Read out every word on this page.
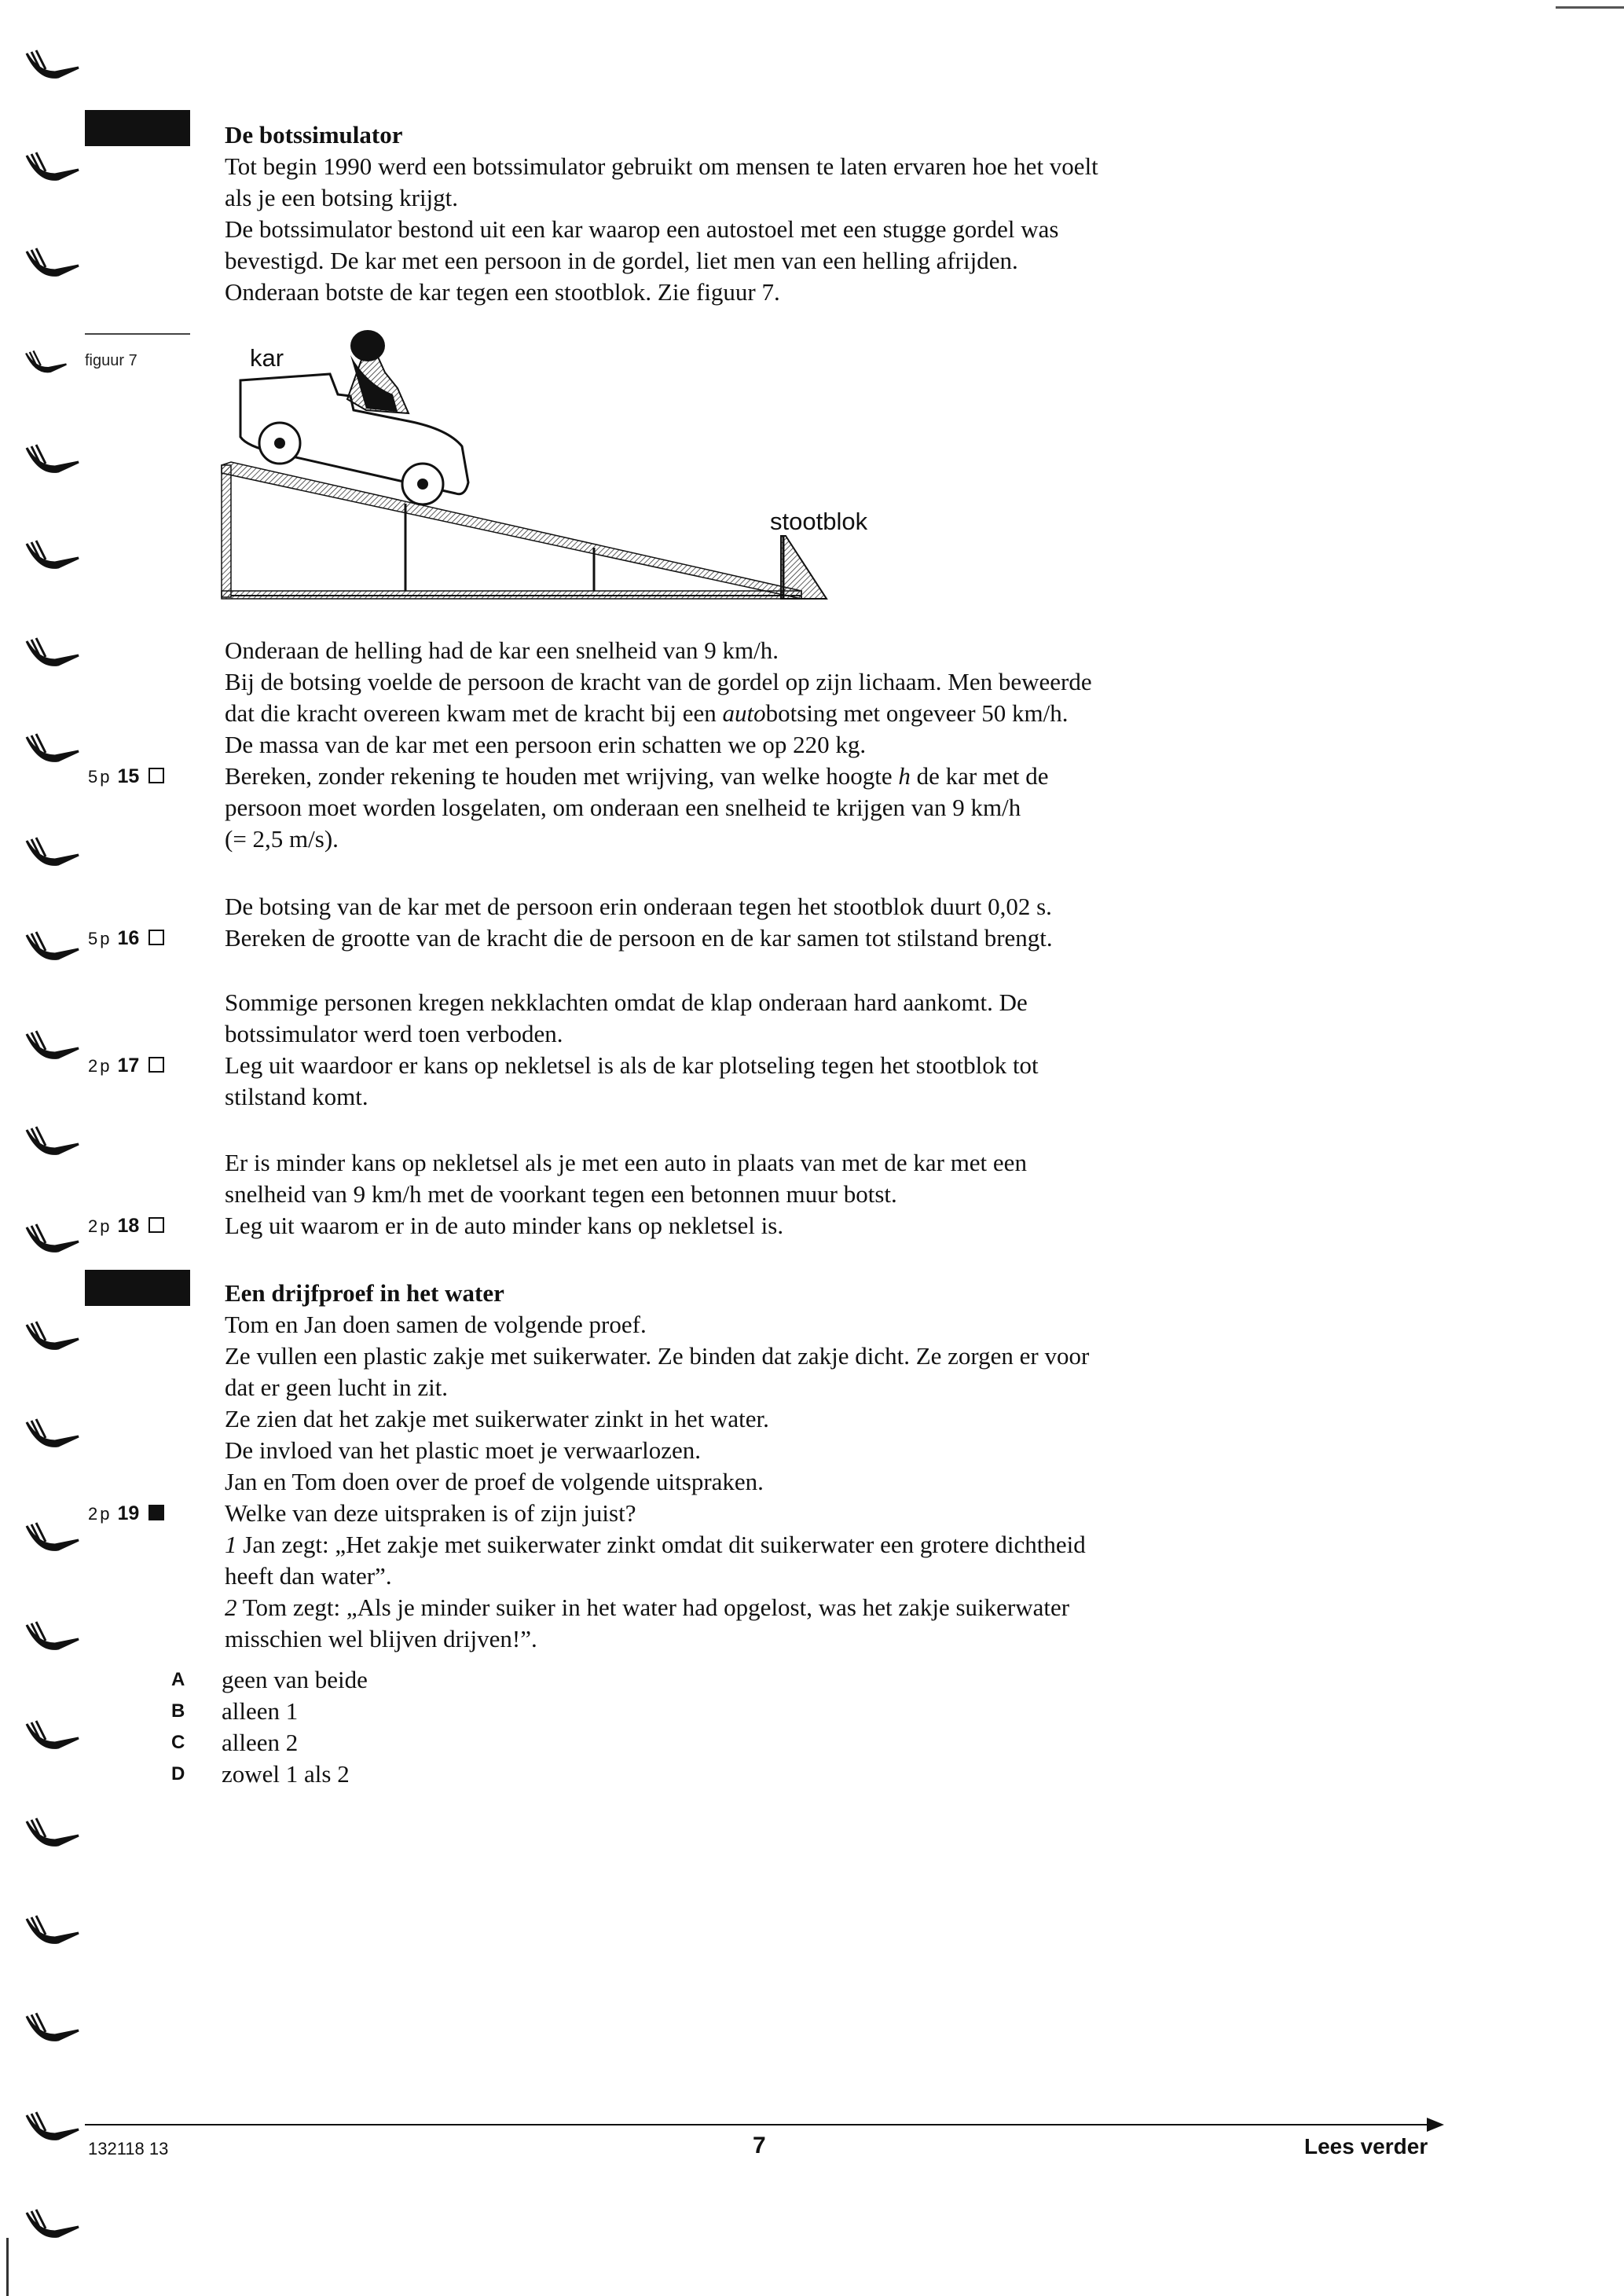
De botssimulator

Tot begin 1990 werd een botssimulator gebruikt om mensen te laten ervaren hoe het voelt

als je een botsing krijgt.

De botssimulator bestond uit een kar waarop een autostoel met een stugge gordel was

bevestigd. De kar met een persoon in de gordel, liet men van een helling afrijden.

Onderaan botste de kar tegen een stootblok. Zie figuur 7.

figuur 7	kar
stootblok

Onderaan de helling had de kar een snelheid van 9 km/h.

Bij de botsing voelde de persoon de kracht van de gordel op zijn lichaam. Men beweerde

dat die kracht overeen kwam met de kracht bij een autobotsing met ongeveer 50 km/h.

De massa van de kar met een persoon erin schatten we op 220 kg.

5p 15	Bereken, zonder rekening te houden met wrijving, van welke hoogte h de kar met de

persoon moet worden losgelaten, om onderaan een snelheid te krijgen van 9 km/h

(= 2,5 m/s).

De botsing van de kar met de persoon erin onderaan tegen het stootblok duurt 0,02 s.

5p 16	Bereken de grootte van de kracht die de persoon en de kar samen tot stilstand brengt.

Sommige personen kregen nekklachten omdat de klap onderaan hard aankomt. De

botssimulator werd toen verboden.

2p 17	Leg uit waardoor er kans op nekletsel is als de kar plotseling tegen het stootblok tot

stilstand komt.

Er is minder kans op nekletsel als je met een auto in plaats van met de kar met een

snelheid van 9 km/h met de voorkant tegen een betonnen muur botst.

2p 18	Leg uit waarom er in de auto minder kans op nekletsel is.

Een drijfproef in het water

Tom en Jan doen samen de volgende proef.

Ze vullen een plastic zakje met suikerwater. Ze binden dat zakje dicht. Ze zorgen er voor

dat er geen lucht in zit.

Ze zien dat het zakje met suikerwater zinkt in het water.

De invloed van het plastic moet je verwaarlozen.

Jan en Tom doen over de proef de volgende uitspraken.

2p 19	Welke van deze uitspraken is of zijn juist?

1 Jan zegt: „Het zakje met suikerwater zinkt omdat dit suikerwater een grotere dichtheid

heeft dan water”.

2 Tom zegt: „Als je minder suiker in het water had opgelost, was het zakje suikerwater

misschien wel blijven drijven!”.

A	geen van beide
B	alleen 1
C	alleen 2
D	zowel 1 als 2
132118 13	7	Lees verder
